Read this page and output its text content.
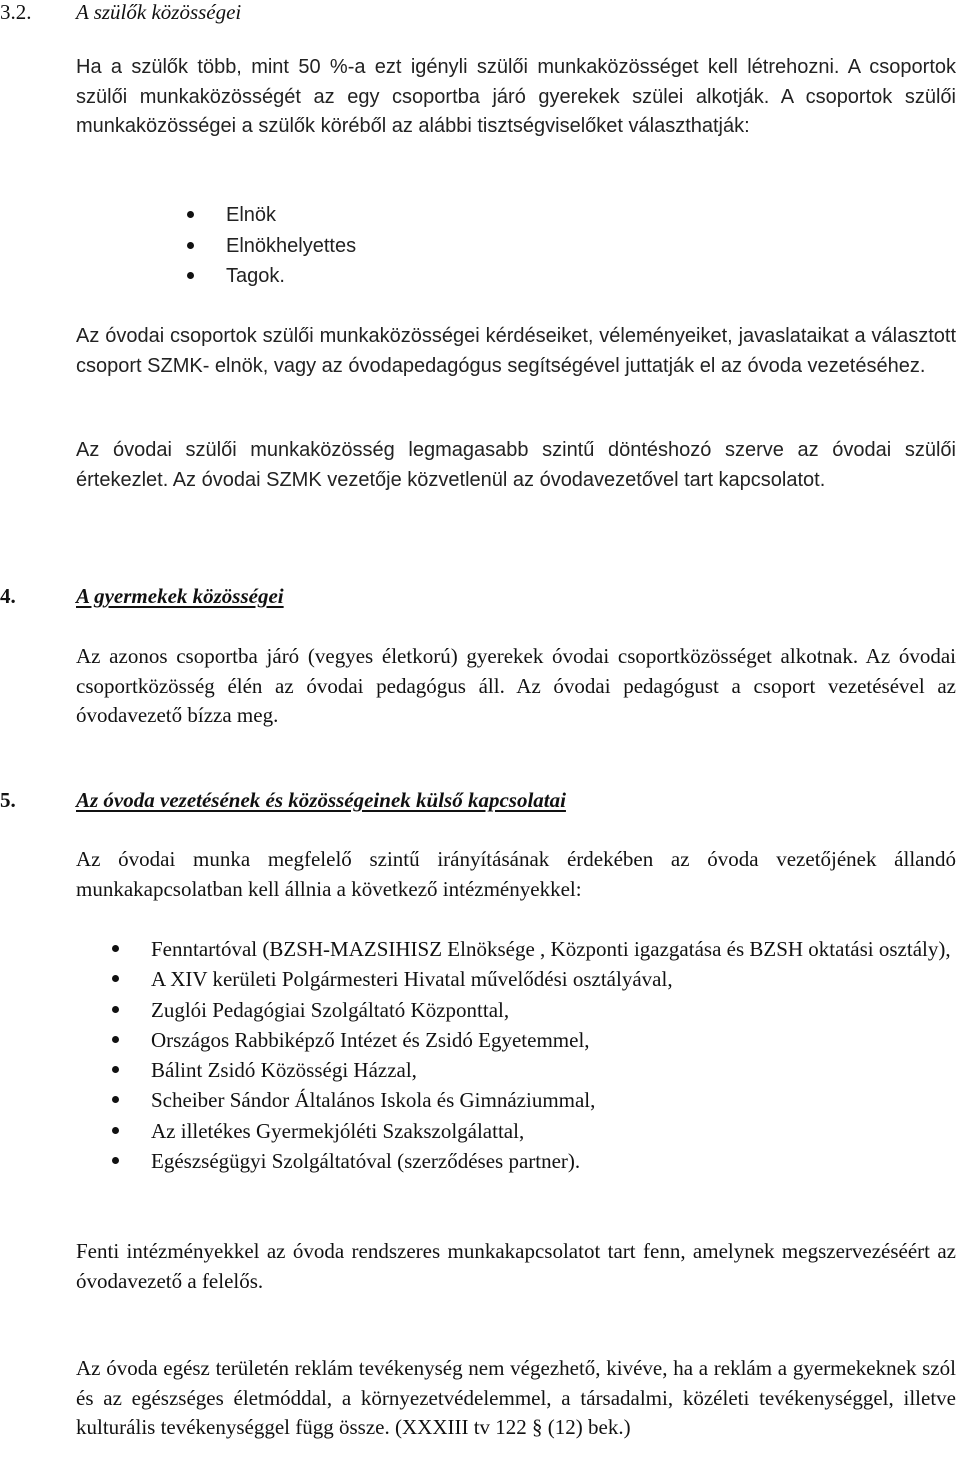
3.2. A szülők közösségei

Ha a szülők több, mint 50 %-a ezt igényli szülői munkaközösséget kell létrehozni. A csoportok szülői munkaközösségét az egy csoportba járó gyerekek szülei alkotják. A csoportok szülői munkaközösségei a szülők köréből az alábbi tisztségviselőket választhatják:

Elnök
Elnökhelyettes
Tagok.

Az óvodai csoportok szülői munkaközösségei kérdéseiket, véleményeiket, javaslataikat a választott csoport SZMK- elnök, vagy az óvodapedagógus segítségével juttatják el az óvoda vezetéséhez.

Az óvodai szülői munkaközösség legmagasabb szintű döntéshozó szerve az óvodai szülői értekezlet. Az óvodai SZMK vezetője közvetlenül az óvodavezetővel tart kapcsolatot.

4.	A gyermekek közösségei

Az azonos csoportba járó (vegyes életkorú) gyerekek óvodai csoportközösséget alkotnak. Az óvodai csoportközösség élén az óvodai pedagógus áll. Az óvodai pedagógust a csoport vezetésével az óvodavezető bízza meg.

5.	Az óvoda vezetésének és közösségeinek külső kapcsolatai

Az óvodai munka megfelelő szintű irányításának érdekében az óvoda vezetőjének állandó munkakapcsolatban kell állnia a következő intézményekkel:

Fenntartóval (BZSH-MAZSIHISZ Elnöksége , Központi igazgatása és BZSH oktatási osztály),
A XIV kerületi Polgármesteri Hivatal művelődési osztályával,
Zuglói Pedagógiai Szolgáltató Központtal,
Országos Rabbiképző Intézet és Zsidó Egyetemmel,
Bálint Zsidó Közösségi Házzal,
Scheiber Sándor Általános Iskola és Gimnáziummal,
Az illetékes Gyermekjóléti Szakszolgálattal,
Egészségügyi Szolgáltatóval (szerződéses partner).

Fenti intézményekkel az óvoda rendszeres munkakapcsolatot tart fenn, amelynek megszervezéséért az óvodavezető a felelős.

Az óvoda egész területén reklám tevékenység nem végezhető, kivéve, ha a reklám a gyermekeknek szól és az egészséges életmóddal, a környezetvédelemmel, a társadalmi, közéleti tevékenységgel, illetve kulturális tevékenységgel függ össze. (XXXIII tv 122 § (12) bek.)
